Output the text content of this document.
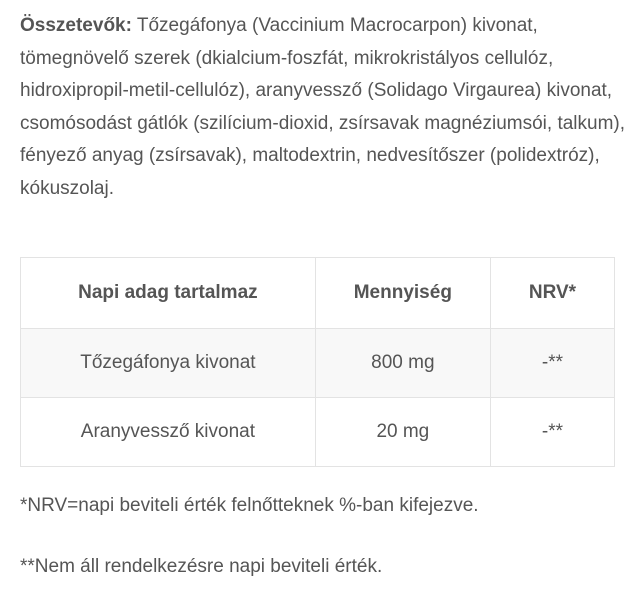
Összetevők: Tőzegáfonya (Vaccinium Macrocarpon) kivonat, tömegnövelő szerek (dkialcium-foszfát, mikrokristályos cellulóz, hidroxipropil-metil-cellulóz), aranyvessző (Solidago Virgaurea) kivonat, csomósodást gátlók (szilícium-dioxid, zsírsavak magnéziumsói, talkum), fényező anyag (zsírsavak), maltodextrin, nedvesítőszer (polidextróz), kókuszolaj.

Napi adag tartalmaz	Mennyiség	NRV*
Tőzegáfonya kivonat	800 mg	-**
Aranyvessző kivonat	20 mg	-**

*NRV=napi beviteli érték felnőtteknek %-ban kifejezve.

**Nem áll rendelkezésre napi beviteli érték.
